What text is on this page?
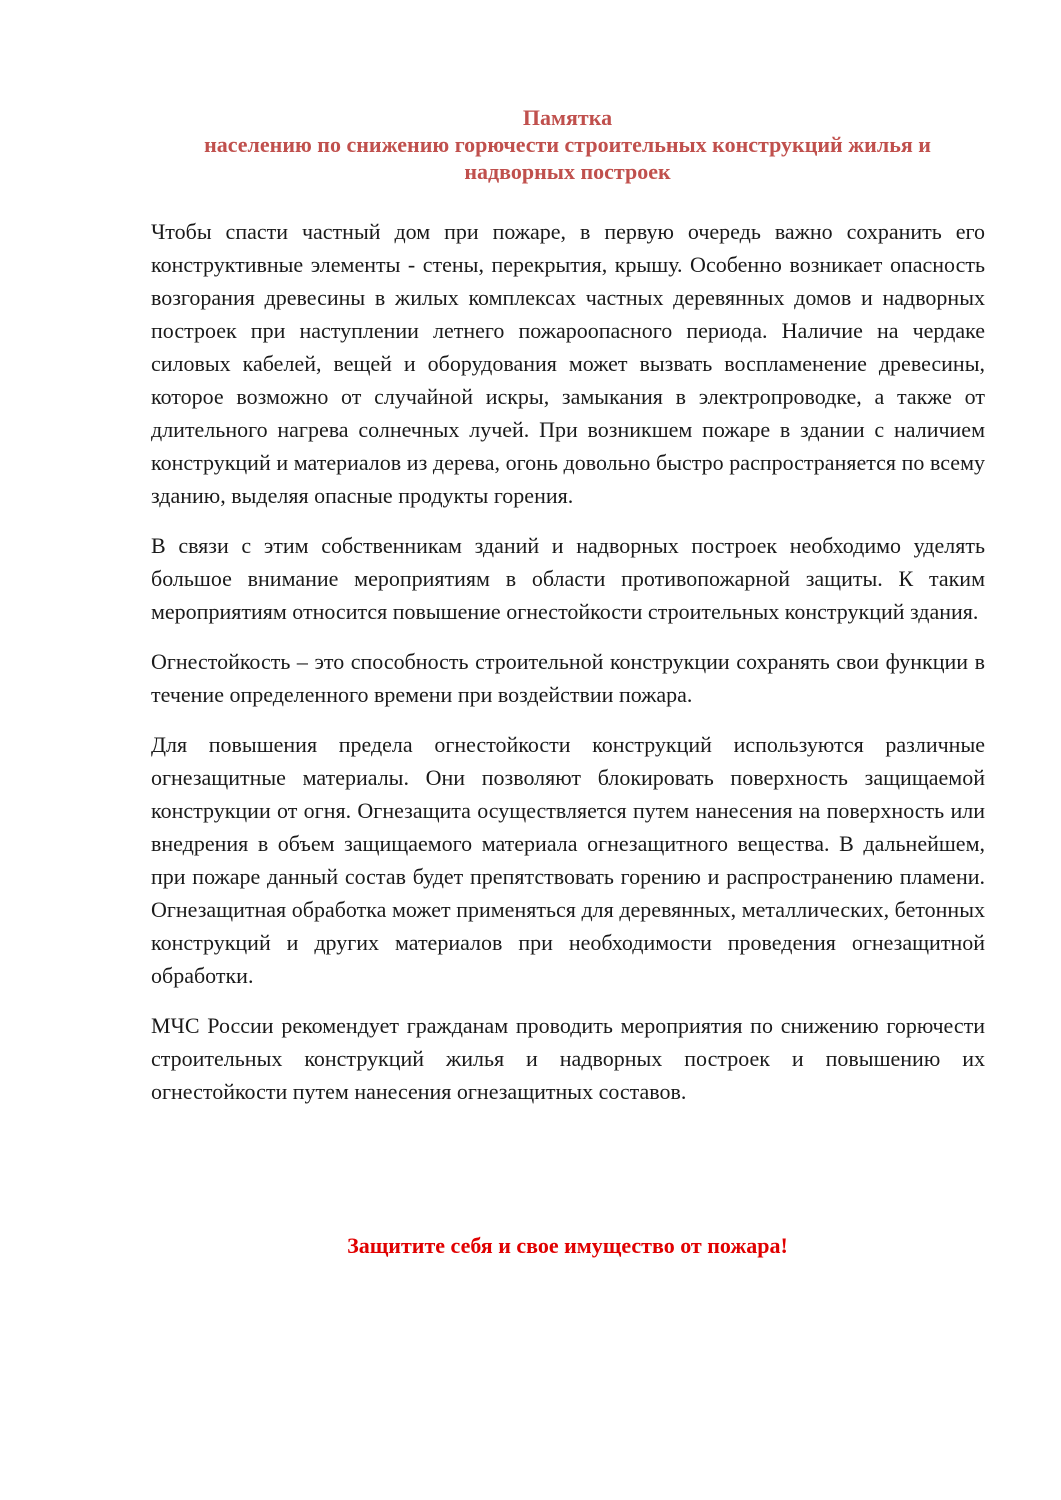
Памятка
населению по снижению горючести строительных конструкций жилья и
надворных построек

Чтобы спасти частный дом при пожаре, в первую очередь важно сохранить его конструктивные элементы - стены, перекрытия, крышу. Особенно возникает опасность возгорания древесины в жилых комплексах частных деревянных домов и надворных построек при наступлении летнего пожароопасного периода. Наличие на чердаке силовых кабелей, вещей и оборудования может вызвать воспламенение древесины, которое возможно от случайной искры, замыкания в электропроводке, а также от длительного нагрева солнечных лучей. При возникшем пожаре в здании с наличием конструкций и материалов из дерева, огонь довольно быстро распространяется по всему зданию, выделяя опасные продукты горения.

В связи с этим собственникам зданий и надворных построек необходимо уделять большое внимание мероприятиям в области противопожарной защиты. К таким мероприятиям относится повышение огнестойкости строительных конструкций здания.

Огнестойкость – это способность строительной конструкции сохранять свои функции в течение определенного времени при воздействии пожара.

Для повышения предела огнестойкости конструкций используются различные огнезащитные материалы. Они позволяют блокировать поверхность защищаемой конструкции от огня. Огнезащита осуществляется путем нанесения на поверхность или внедрения в объем защищаемого материала огнезащитного вещества. В дальнейшем, при пожаре данный состав будет препятствовать горению и распространению пламени. Огнезащитная обработка может применяться для деревянных, металлических, бетонных конструкций и других материалов при необходимости проведения огнезащитной обработки.

МЧС России рекомендует гражданам проводить мероприятия по снижению горючести строительных конструкций жилья и надворных построек и повышению их огнестойкости путем нанесения огнезащитных составов.

Защитите себя и свое имущество от пожара!
